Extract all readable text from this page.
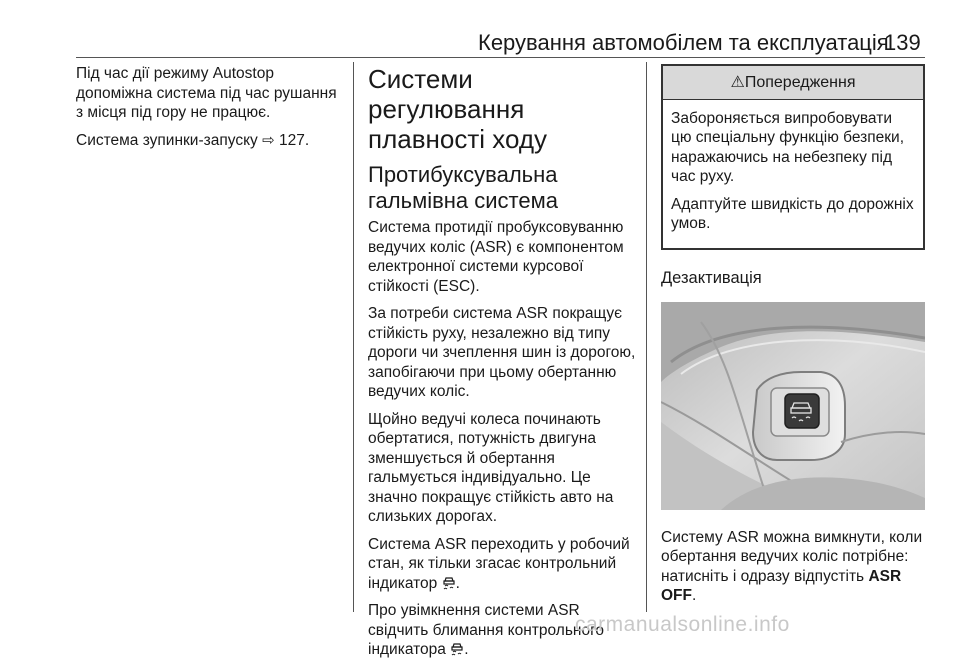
Керування автомобілем та експлуатація
139

Під час дії режиму Autostop допоміжна система під час рушання з місця під гору не працює.

Система зупинки-запуску ⇨ 127.

Системи регулювання плавності ходу
Протибуксувальна гальмівна система

Система протидії пробуксовуванню ведучих коліс (ASR) є компонентом електронної системи курсової стійкості (ESC).

За потреби система ASR покращує стійкість руху, незалежно від типу дороги чи зчеплення шин із дорогою, запобігаючи при цьому обертанню ведучих коліс.

Щойно ведучі колеса починають обертатися, потужність двигуна зменшується й обертання гальмується індивідуально. Це значно покращує стійкість авто на слизьких дорогах.

Система ASR переходить у робочий стан, як тільки згасає контрольний індикатор .

Про увімкнення системи ASR свідчить блимання контрольного індикатора .

⚠Попередження

Забороняється випробовувати цю спеціальну функцію безпеки, наражаючись на небезпеку під час руху.

Адаптуйте швидкість до дорожніх умов.

Дезактивація

Систему ASR можна вимкнути, коли обертання ведучих коліс потрібне: натисніть і одразу відпустіть ASR OFF.

carmanualsonline.info
